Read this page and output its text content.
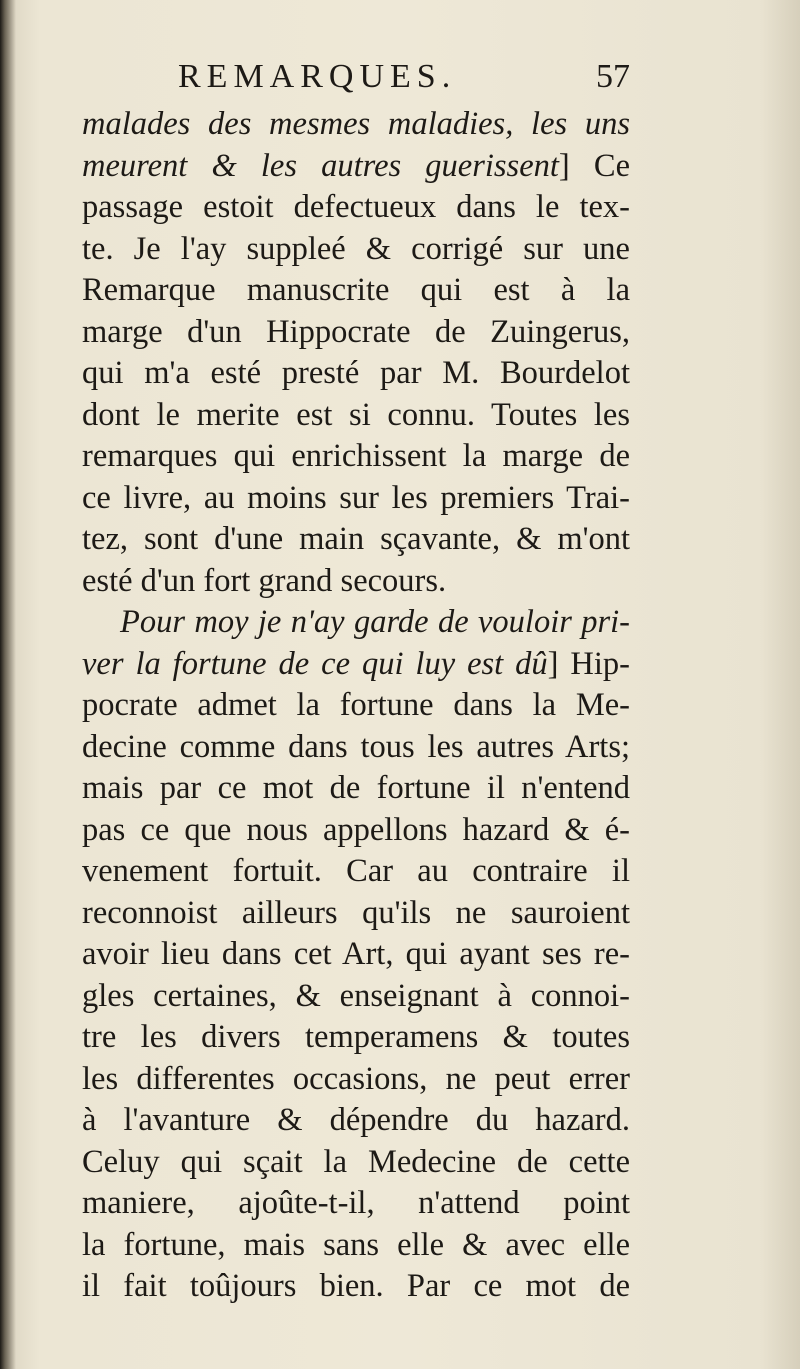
REMARQUES.	57
malades des mesmes maladies, les uns
meurent & les autres guerissent] Ce
passage estoit defectueux dans le tex-
te. Je l'ay suppleé & corrigé sur une
Remarque manuscrite qui est à la
marge d'un Hippocrate de Zuingerus,
qui m'a esté presté par M. Bourdelot
dont le merite est si connu. Toutes les
remarques qui enrichissent la marge de
ce livre, au moins sur les premiers Trai-
tez, sont d'une main sçavante, & m'ont
esté d'un fort grand secours.
Pour moy je n'ay garde de vouloir pri-
ver la fortune de ce qui luy est dû] Hip-
pocrate admet la fortune dans la Me-
decine comme dans tous les autres Arts;
mais par ce mot de fortune il n'entend
pas ce que nous appellons hazard & é-
venement fortuit. Car au contraire il
reconnoist ailleurs qu'ils ne sauroient
avoir lieu dans cet Art, qui ayant ses re-
gles certaines, & enseignant à connoi-
tre les divers temperamens & toutes
les differentes occasions, ne peut errer
à l'avanture & dépendre du hazard.
Celuy qui sçait la Medecine de cette
maniere, ajoûte-t-il, n'attend point
la fortune, mais sans elle & avec elle
il fait toûjours bien. Par ce mot de
